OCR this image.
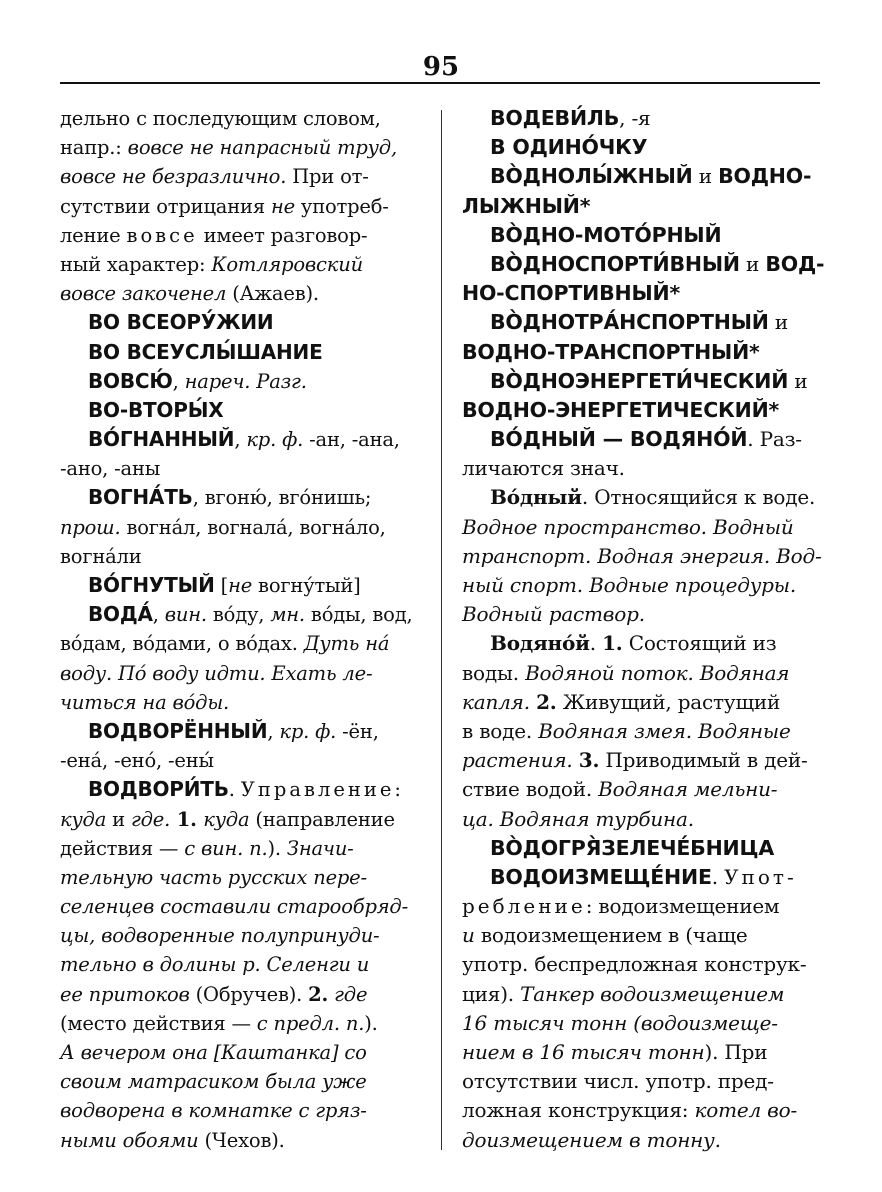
95
дельно с последующим словом,
напр.: вовсе не напрасный труд,
вовсе не безразлично. При от-
сутствии отрицания не употреб-
ление вовсе имеет разговор-
ный характер: Котляровский
вовсе закоченел (Ажаев).
ВО ВСЕОРУ́ЖИИ
ВО ВСЕУСЛЫ́ШАНИЕ
ВОВСЮ́, нареч. Разг.
ВО-ВТОРЫ́Х
ВО́ГНАННЫЙ, кр. ф. -ан, -ана,
-ано, -аны
ВОГНА́ТЬ, вгоню́, вго́нишь;
прош. вогна́л, вогнала́, вогна́ло,
вогна́ли
ВО́ГНУТЫЙ [не вогну́тый]
ВОДА́, вин. во́ду, мн. во́ды, вод,
во́дам, во́дами, о во́дах. Дуть на́
воду. По́ воду идти. Ехать ле-
читься на во́ды.
ВОДВОРЁННЫЙ, кр. ф. -ён,
-ена́, -ено́, -ены́
ВОДВОРИ́ТЬ. Управление:
куда и где. 1. куда (направление
действия — с вин. п.). Значи-
тельную часть русских пере-
селенцев составили старообряд-
цы, водворенные полупринуди-
тельно в долины р. Селенги и
ее притоков (Обручев). 2. где
(место действия — с предл. п.).
А вечером она [Каштанка] со
своим матрасиком была уже
водворена в комнатке с гряз-
ными обоями (Чехов).
ВОДЕВИ́ЛЬ, -я
В ОДИНО́ЧКУ
ВО̀ДНОЛЫ́ЖНЫЙ и ВОДНО-
ЛЫЖНЫЙ*
ВО̀ДНО-МОТО́РНЫЙ
ВО̀ДНОСПОРТИ́ВНЫЙ и ВОД-
НО-СПОРТИВНЫЙ*
ВО̀ДНОТРА́НСПОРТНЫЙ и
ВОДНО-ТРАНСПОРТНЫЙ*
ВО̀ДНОЭНЕРГЕТИ́ЧЕСКИЙ и
ВОДНО-ЭНЕРГЕТИЧЕСКИЙ*
ВО́ДНЫЙ — ВОДЯНО́Й. Раз-
личаются знач.
Во́дный. Относящийся к воде.
Водное пространство. Водный
транспорт. Водная энергия. Вод-
ный спорт. Водные процедуры.
Водный раствор.
Водяно́й. 1. Состоящий из
воды. Водяной поток. Водяная
капля. 2. Живущий, растущий
в воде. Водяная змея. Водяные
растения. 3. Приводимый в дей-
ствие водой. Водяная мельни-
ца. Водяная турбина.
ВО̀ДОГРЯ̀ЗЕЛЕЧЕ́БНИЦА
ВОДОИЗМЕЩЕ́НИЕ. Упот-
ребление: водоизмещением
и водоизмещением в (чаще
употр. беспредложная конструк-
ция). Танкер водоизмещением
16 тысяч тонн (водоизмеще-
нием в 16 тысяч тонн). При
отсутствии числ. употр. пред-
ложная конструкция: котел во-
доизмещением в тонну.
